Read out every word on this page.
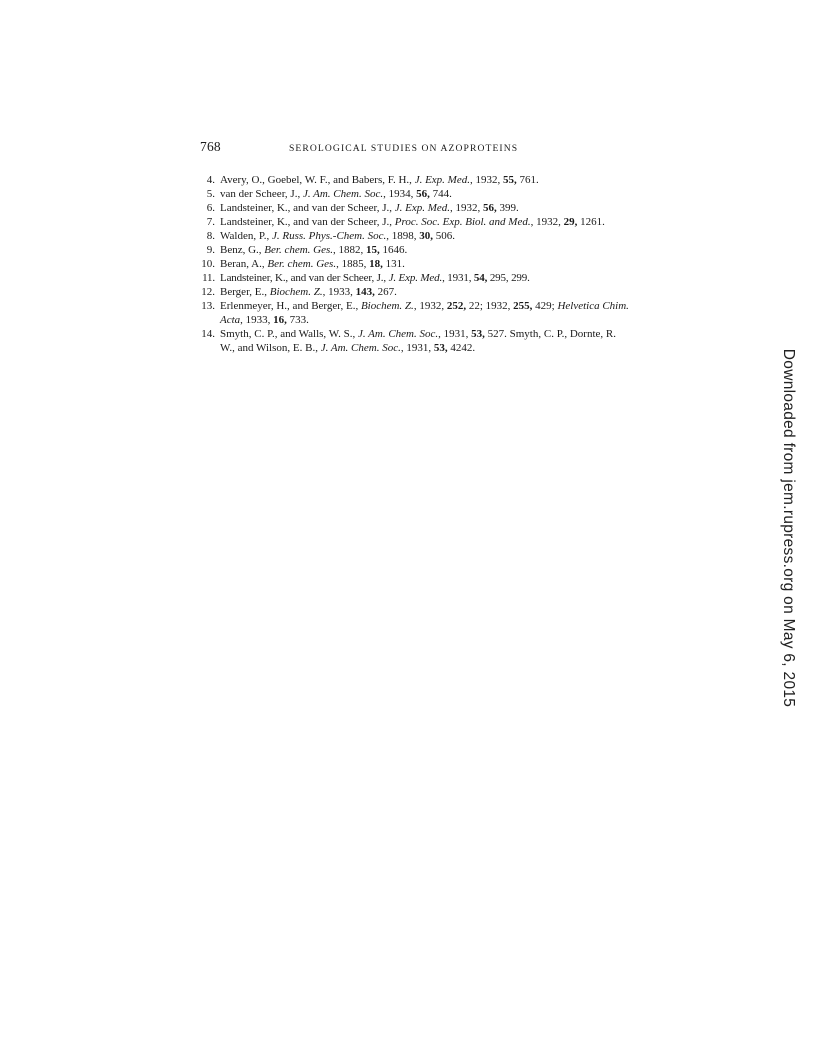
768	SEROLOGICAL STUDIES ON AZOPROTEINS
4. Avery, O., Goebel, W. F., and Babers, F. H., J. Exp. Med., 1932, 55, 761.
5. van der Scheer, J., J. Am. Chem. Soc., 1934, 56, 744.
6. Landsteiner, K., and van der Scheer, J., J. Exp. Med., 1932, 56, 399.
7. Landsteiner, K., and van der Scheer, J., Proc. Soc. Exp. Biol. and Med., 1932, 29, 1261.
8. Walden, P., J. Russ. Phys.-Chem. Soc., 1898, 30, 506.
9. Benz, G., Ber. chem. Ges., 1882, 15, 1646.
10. Beran, A., Ber. chem. Ges., 1885, 18, 131.
11. Landsteiner, K., and van der Scheer, J., J. Exp. Med., 1931, 54, 295, 299.
12. Berger, E., Biochem. Z., 1933, 143, 267.
13. Erlenmeyer, H., and Berger, E., Biochem. Z., 1932, 252, 22; 1932, 255, 429; Helvetica Chim. Acta, 1933, 16, 733.
14. Smyth, C. P., and Walls, W. S., J. Am. Chem. Soc., 1931, 53, 527. Smyth, C. P., Dornte, R. W., and Wilson, E. B., J. Am. Chem. Soc., 1931, 53, 4242.
Downloaded from jem.rupress.org on May 6, 2015
